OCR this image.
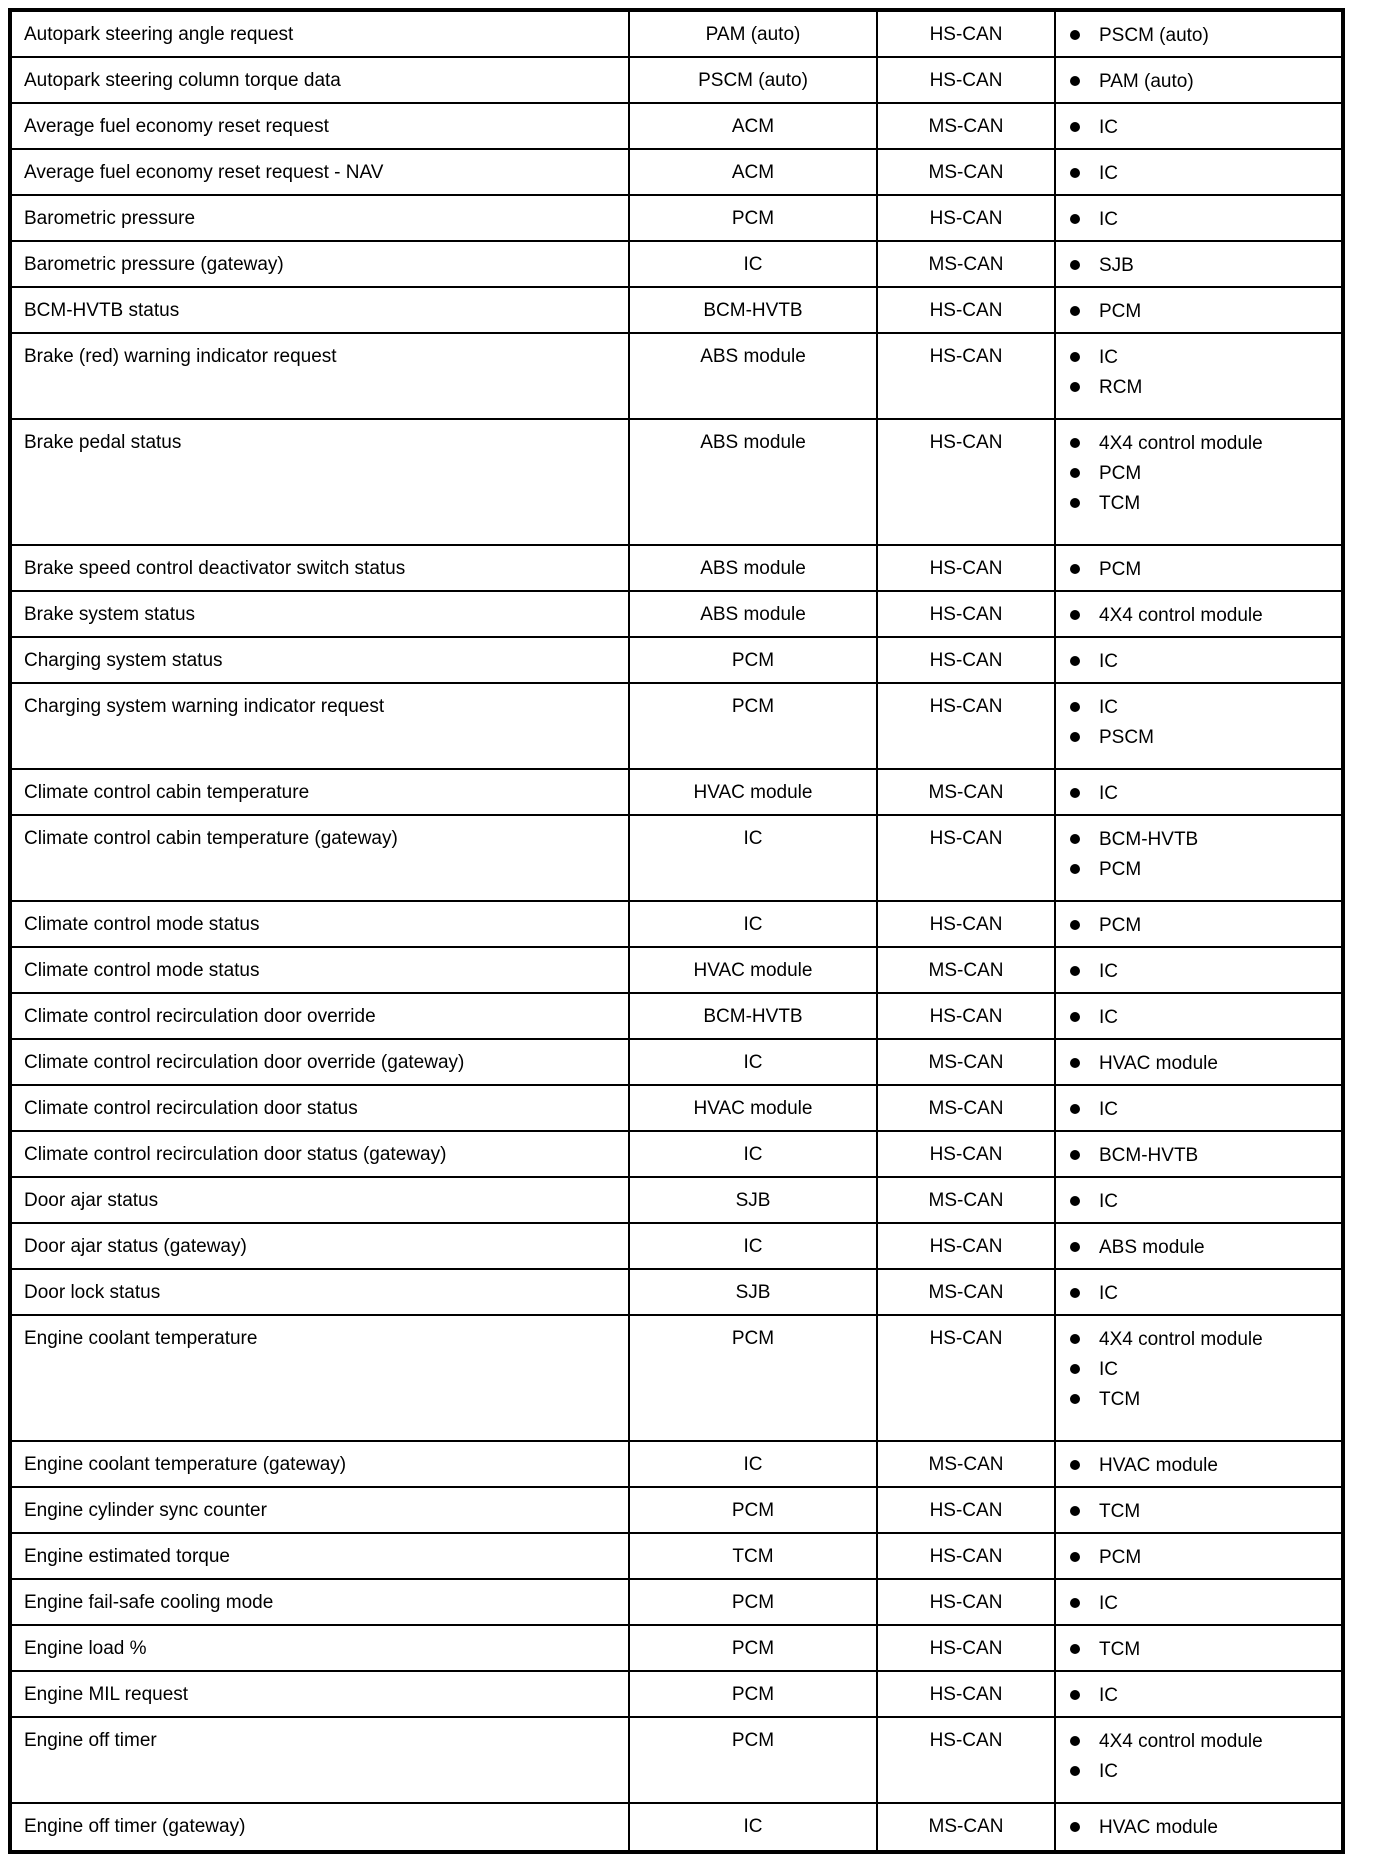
Autopark steering angle request	PAM (auto)	HS-CAN	PSCM (auto)
Autopark steering column torque data	PSCM (auto)	HS-CAN	PAM (auto)
Average fuel economy reset request	ACM	MS-CAN	IC
Average fuel economy reset request - NAV	ACM	MS-CAN	IC
Barometric pressure	PCM	HS-CAN	IC
Barometric pressure (gateway)	IC	MS-CAN	SJB
BCM-HVTB status	BCM-HVTB	HS-CAN	PCM
Brake (red) warning indicator request	ABS module	HS-CAN	IC
RCM
Brake pedal status	ABS module	HS-CAN	4X4 control module
PCM
TCM
Brake speed control deactivator switch status	ABS module	HS-CAN	PCM
Brake system status	ABS module	HS-CAN	4X4 control module
Charging system status	PCM	HS-CAN	IC
Charging system warning indicator request	PCM	HS-CAN	IC
PSCM
Climate control cabin temperature	HVAC module	MS-CAN	IC
Climate control cabin temperature (gateway)	IC	HS-CAN	BCM-HVTB
PCM
Climate control mode status	IC	HS-CAN	PCM
Climate control mode status	HVAC module	MS-CAN	IC
Climate control recirculation door override	BCM-HVTB	HS-CAN	IC
Climate control recirculation door override (gateway)	IC	MS-CAN	HVAC module
Climate control recirculation door status	HVAC module	MS-CAN	IC
Climate control recirculation door status (gateway)	IC	HS-CAN	BCM-HVTB
Door ajar status	SJB	MS-CAN	IC
Door ajar status (gateway)	IC	HS-CAN	ABS module
Door lock status	SJB	MS-CAN	IC
Engine coolant temperature	PCM	HS-CAN	4X4 control module
IC
TCM
Engine coolant temperature (gateway)	IC	MS-CAN	HVAC module
Engine cylinder sync counter	PCM	HS-CAN	TCM
Engine estimated torque	TCM	HS-CAN	PCM
Engine fail-safe cooling mode	PCM	HS-CAN	IC
Engine load %	PCM	HS-CAN	TCM
Engine MIL request	PCM	HS-CAN	IC
Engine off timer	PCM	HS-CAN	4X4 control module
IC
Engine off timer (gateway)	IC	MS-CAN	HVAC module
